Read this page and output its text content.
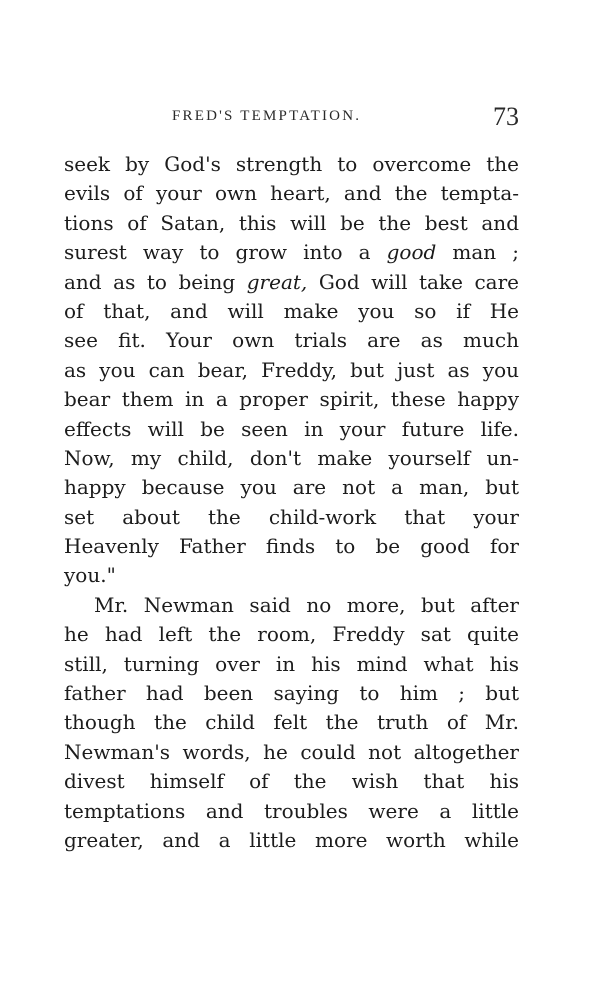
FRED'S TEMPTATION.	73
seek by God's strength to overcome the
evils of your own heart, and the tempta-
tions of Satan, this will be the best and
surest way to grow into a good man ;
and as to being great, God will take care
of that, and will make you so if He
see fit. Your own trials are as much
as you can bear, Freddy, but just as you
bear them in a proper spirit, these happy
effects will be seen in your future life.
Now, my child, don't make yourself un-
happy because you are not a man, but
set about the child-work that your
Heavenly Father finds to be good for
you."
Mr. Newman said no more, but after
he had left the room, Freddy sat quite
still, turning over in his mind what his
father had been saying to him ; but
though the child felt the truth of Mr.
Newman's words, he could not altogether
divest himself of the wish that his
temptations and troubles were a little
greater, and a little more worth while
